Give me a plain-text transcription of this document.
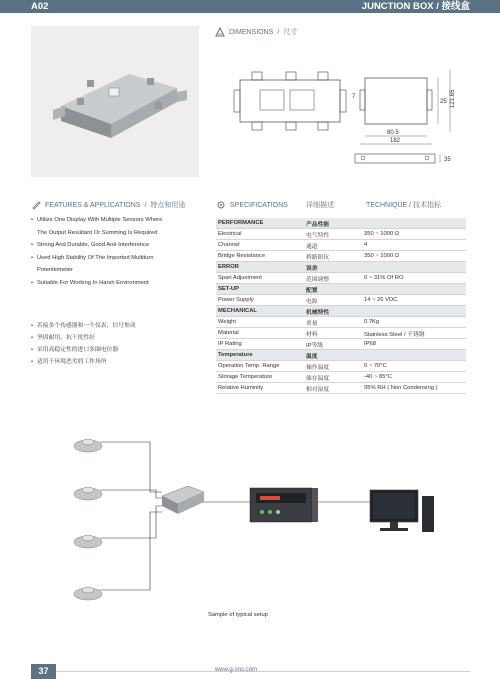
A02	JUNCTION BOX / 接线盒
DIMENSIONS / 尺寸
7
25 121.65
80.5
182
35
FEATURES & APPLICATIONS / 特点和用途
• Utilize One Display With Multiple Sensors Where
The Output Resultant Or Summing Is Required
• Strong And Durable, Good Anti-Interference
• Used High Stability Of The Imported Multiturn
Potentiometer
• Suitable For Working In Harsh Environment
• 若接多个传感器和一个仪表，信号集成
• 坚固耐用，抗干扰性好
• 采用高稳定性的进口多圈电位器
• 适用于环境恶劣的工作场所
SPECIFICATIONS	详细描述	TECHNIQUE / 技术指标
PERFORMANCE	产品性能
Electrical	电气特性	350 ~ 1000 Ω
Channel	通道	4
Bridge Resistance	桥路阻抗	350 ~ 1000 Ω
ERROR	误差
Span Adjustment	范围调整	0 ~ 31% Of RO
SET-UP	配置
Power Supply	电源	14 ~ 26 VDC
MECHANICAL	机械特性
Weight	重量	0.7Kg
Material	材料	Stainless Steel / 不锈钢
IP Rating	IP等级	IP68
Temperature	温度
Operation Temp. Range	操作温度	0 ~ 70°C
Storage Temperature	储存温度	-40 ~ 85°C
Relative Huminity	相对湿度	95% RH ( Non Condensing )
Sample of typical setup
37	www.g-sns.com
